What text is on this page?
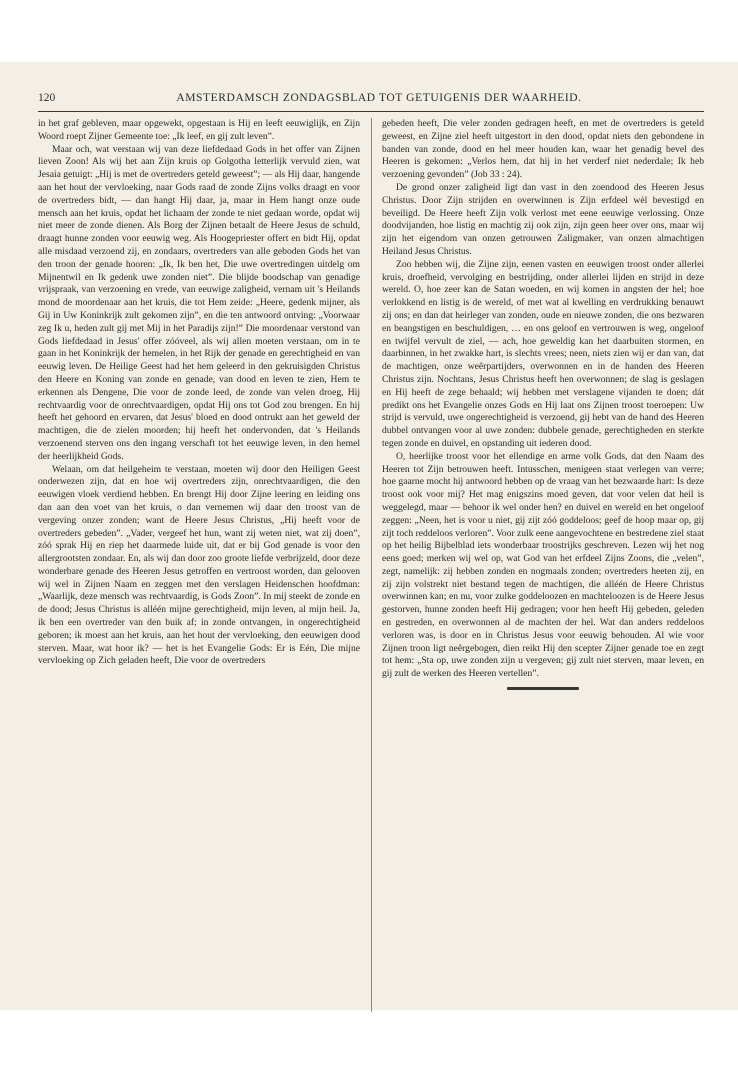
120	AMSTERDAMSCH ZONDAGSBLAD TOT GETUIGENIS DER WAARHEID.

in het graf gebleven, maar opgewekt, opgestaan is Hij en leeft eeuwiglijk, en Zijn Woord roept Zijner Gemeente toe: „Ik leef, en gij zult leven”.

Maar och, wat verstaan wij van deze liefdedaad Gods in het offer van Zijnen lieven Zoon! Als wij het aan Zijn kruis op Golgotha letterlijk vervuld zien, wat Jesaia getuigt: „Hij is met de overtreders geteld geweest”; — als Hij daar, hangende aan het hout der vervloeking, naar Gods raad de zonde Zijns volks draagt en voor de overtreders bidt, — dan hangt Hij daar, ja, maar in Hem hangt onze oude mensch aan het kruis, opdat het lichaam der zonde te niet gedaan worde, opdat wij niet meer de zonde dienen. Als Borg der Zijnen betaalt de Heere Jesus de schuld, draagt hunne zonden voor eeuwig weg. Als Hoogepriester offert en bidt Hij, opdat alle misdaad verzoend zij, en zondaars, overtreders van alle geboden Gods het van den troon der genade hooren: „Ik, Ik ben het, Die uwe overtredingen uitdelg om Mijnentwil en Ik gedenk uwe zonden niet”. Die blijde boodschap van genadige vrijspraak, van verzoening en vrede, van eeuwige zaligheid, vernam uit 's Heilands mond de moordenaar aan het kruis, die tot Hem zeide: „Heere, gedenk mijner, als Gij in Uw Koninkrijk zult gekomen zijn”, en die ten antwoord ontving: „Voorwaar zeg Ik u, heden zult gij met Mij in het Paradijs zijn!” Die moordenaar verstond van Gods liefdedaad in Jesus' offer zóóveel, als wij allen moeten verstaan, om in te gaan in het Koninkrijk der hemelen, in het Rijk der genade en gerechtigheid en van eeuwig leven. De Heilige Geest had het hem geleerd in den gekruisigden Christus den Heere en Koning van zonde en genade, van dood en leven te zien, Hem te erkennen als Dengene, Die voor de zonde leed, de zonde van velen droeg, Hij rechtvaardig voor de onrechtvaardigen, opdat Hij ons tot God zou brengen. En hij heeft het gehoord en ervaren, dat Jesus' bloed en dood ontrukt aan het geweld der machtigen, die de zielen moorden; hij heeft het ondervonden, dat 's Heilands verzoenend sterven ons den ingang verschaft tot het eeuwige leven, in den hemel der heerlijkheid Gods.

Welaan, om dat heilgeheim te verstaan, moeten wij door den Heiligen Geest onderwezen zijn, dat en hoe wij overtreders zijn, onrechtvaardigen, die den eeuwigen vloek verdiend hebben. En brengt Hij door Zijne leering en leiding ons dan aan den voet van het kruis, o dan vernemen wij daar den troost van de vergeving onzer zonden; want de Heere Jesus Christus, „Hij heeft voor de overtreders gebeden”. „Vader, vergeef het hun, want zij weten niet, wat zij doen”, zóó sprak Hij en riep het daarmede luide uit, dat er bij God genade is voor den allergrootsten zondaar. En, als wij dan door zoo groote liefde verbrijzeld, door deze wonderbare genade des Heeren Jesus getroffen en vertroost worden, dan gelooven wij wel in Zijnen Naam en zeggen met den verslagen Heidenschen hoofdman: „Waarlijk, deze mensch was rechtvaardig, is Gods Zoon”. In mij steekt de zonde en de dood; Jesus Christus is alléén mijne gerechtigheid, mijn leven, al mijn heil. Ja, ik ben een overtreder van den buik af; in zonde ontvangen, in ongerechtigheid geboren; ik moest aan het kruis, aan het hout der vervloeking, den eeuwigen dood sterven. Maar, wat hoor ik? — het is het Evangelie Gods: Er is Eén, Die mijne vervloeking op Zich geladen heeft, Die voor de overtreders

gebeden heeft, Die veler zonden gedragen heeft, en met de overtreders is geteld geweest, en Zijne ziel heeft uitgestort in den dood, opdat niets den gebondene in banden van zonde, dood en hel meer houden kan, waar het genadig bevel des Heeren is gekomen: „Verlos hem, dat hij in het verderf niet nederdale; Ik heb verzoening gevonden” (Job 33 : 24).

De grond onzer zaligheid ligt dan vast in den zoendood des Heeren Jesus Christus. Door Zijn strijden en overwinnen is Zijn erfdeel wèl bevestigd en beveiligd. De Heere heeft Zijn volk verlost met eene eeuwige verlossing. Onze doodvijanden, hoe listig en machtig zij ook zijn, zijn geen heer over ons, maar wij zijn het eigendom van onzen getrouwen Zaligmaker, van onzen almachtigen Heiland Jesus Christus.

Zoo hebben wij, die Zijne zijn, eenen vasten en eeuwigen troost onder allerlei kruis, droefheid, vervolging en bestrijding, onder allerlei lijden en strijd in deze wereld. O, hoe zeer kan de Satan woeden, en wij komen in angsten der hel; hoe verlokkend en listig is de wereld, of met wat al kwelling en verdrukking benauwt zij ons; en dan dat heirleger van zonden, oude en nieuwe zonden, die ons bezwaren en beangstigen en beschuldigen, … en ons geloof en vertrouwen is weg, ongeloof en twijfel vervult de ziel, — ach, hoe geweldig kan het daarbuiten stormen, en daarbinnen, in het zwakke hart, is slechts vrees; neen, niets zien wij er dan van, dat de machtigen, onze weêrpartijders, overwonnen en in de handen des Heeren Christus zijn. Nochtans, Jesus Christus heeft hen overwonnen; de slag is geslagen en Hij heeft de zege behaald; wij hebben met verslagene vijanden te doen; dát predikt ons het Evangelie onzes Gods en Hij laat ons Zijnen troost toeroepen: Uw strijd is vervuld, uwe ongerechtigheid is verzoend, gij hebt van de hand des Heeren dubbel ontvangen voor al uwe zonden: dubbele genade, gerechtigheden en sterkte tegen zonde en duivel, en opstanding uit iederen dood.

O, heerlijke troost voor het ellendige en arme volk Gods, dat den Naam des Heeren tot Zijn betrouwen heeft. Intusschen, menigeen staat verlegen van verre; hoe gaarne mocht hij antwoord hebben op de vraag van het bezwaarde hart: Is deze troost ook voor mij? Het mag enigszins moed geven, dat voor velen dat heil is weggelegd, maar — behoor ik wel onder hen? en duivel en wereld en het ongeloof zeggen: „Neen, het is voor u niet, gij zijt zóó goddeloos; geef de hoop maar op, gij zijt toch reddeloos verloren”. Voor zulk eene aangevochtene en bestredene ziel staat op het heilig Bijbelblad iets wonderbaar troostrijks geschreven. Lezen wij het nog eens goed; merken wij wel op, wat God van het erfdeel Zijns Zoons, die „velen”, zegt, namelijk: zij hebben zonden en nogmaals zonden; overtreders heeten zij, en zij zijn volstrekt niet bestand tegen de machtigen, die alléén de Heere Christus overwinnen kan; en nu, voor zulke goddeloozen en machteloozen is de Heere Jesus gestorven, hunne zonden heeft Hij gedragen; voor hen heeft Hij gebeden, geleden en gestreden, en overwonnen al de machten der hel. Wat dan anders reddeloos verloren was, is door en in Christus Jesus voor eeuwig behouden. Al wie voor Zijnen troon ligt neêrgebogen, dien reikt Hij den scepter Zijner genade toe en zegt tot hem: „Sta op, uwe zonden zijn u vergeven; gij zult niet sterven, maar leven, en gij zult de werken des Heeren vertellen”.
